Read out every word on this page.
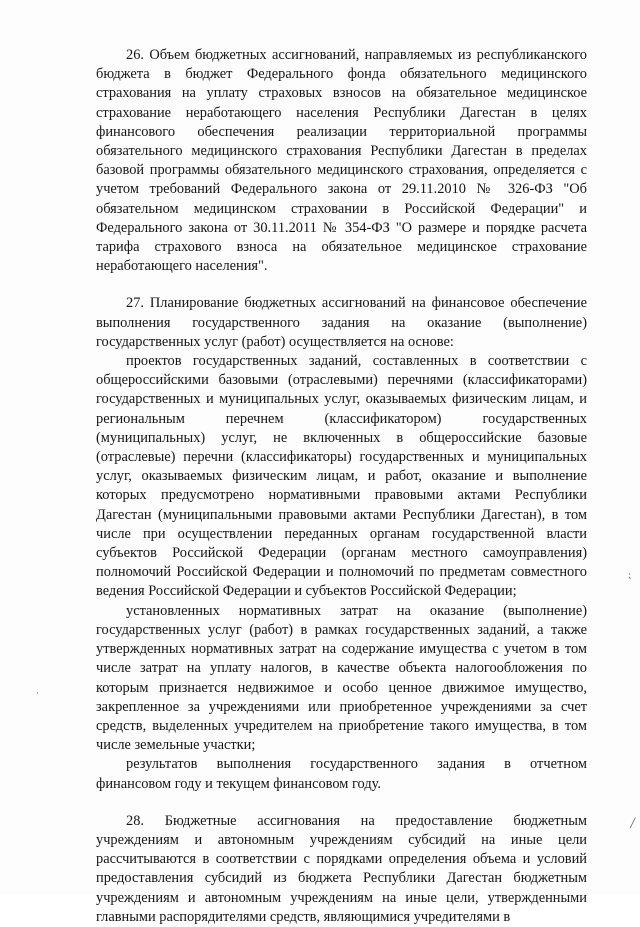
26. Объем бюджетных ассигнований, направляемых из республиканского бюджета в бюджет Федерального фонда обязательного медицинского страхования на уплату страховых взносов на обязательное медицинское страхование неработающего населения Республики Дагестан в целях финансового обеспечения реализации территориальной программы обязательного медицинского страхования Республики Дагестан в пределах базовой программы обязательного медицинского страхования, определяется с учетом требований Федерального закона от 29.11.2010 № 326-ФЗ "Об обязательном медицинском страховании в Российской Федерации" и Федерального закона от 30.11.2011 № 354-ФЗ "О размере и порядке расчета тарифа страхового взноса на обязательное медицинское страхование неработающего населения".

27. Планирование бюджетных ассигнований на финансовое обеспечение выполнения государственного задания на оказание (выполнение) государственных услуг (работ) осуществляется на основе:

проектов государственных заданий, составленных в соответствии с общероссийскими базовыми (отраслевыми) перечнями (классификаторами) государственных и муниципальных услуг, оказываемых физическим лицам, и региональным перечнем (классификатором) государственных (муниципальных) услуг, не включенных в общероссийские базовые (отраслевые) перечни (классификаторы) государственных и муниципальных услуг, оказываемых физическим лицам, и работ, оказание и выполнение которых предусмотрено нормативными правовыми актами Республики Дагестан (муниципальными правовыми актами Республики Дагестан), в том числе при осуществлении переданных органам государственной власти субъектов Российской Федерации (органам местного самоуправления) полномочий Российской Федерации и полномочий по предметам совместного ведения Российской Федерации и субъектов Российской Федерации;

установленных нормативных затрат на оказание (выполнение) государственных услуг (работ) в рамках государственных заданий, а также утвержденных нормативных затрат на содержание имущества с учетом в том числе затрат на уплату налогов, в качестве объекта налогообложения по которым признается недвижимое и особо ценное движимое имущество, закрепленное за учреждениями или приобретенное учреждениями за счет средств, выделенных учредителем на приобретение такого имущества, в том числе земельные участки;

результатов выполнения государственного задания в отчетном финансовом году и текущем финансовом году.

28. Бюджетные ассигнования на предоставление бюджетным учреждениям и автономным учреждениям субсидий на иные цели рассчитываются в соответствии с порядками определения объема и условий предоставления субсидий из бюджета Республики Дагестан бюджетным учреждениям и автономным учреждениям на иные цели, утвержденными главными распорядителями средств, являющимися учредителями в

⁏
·
╱
